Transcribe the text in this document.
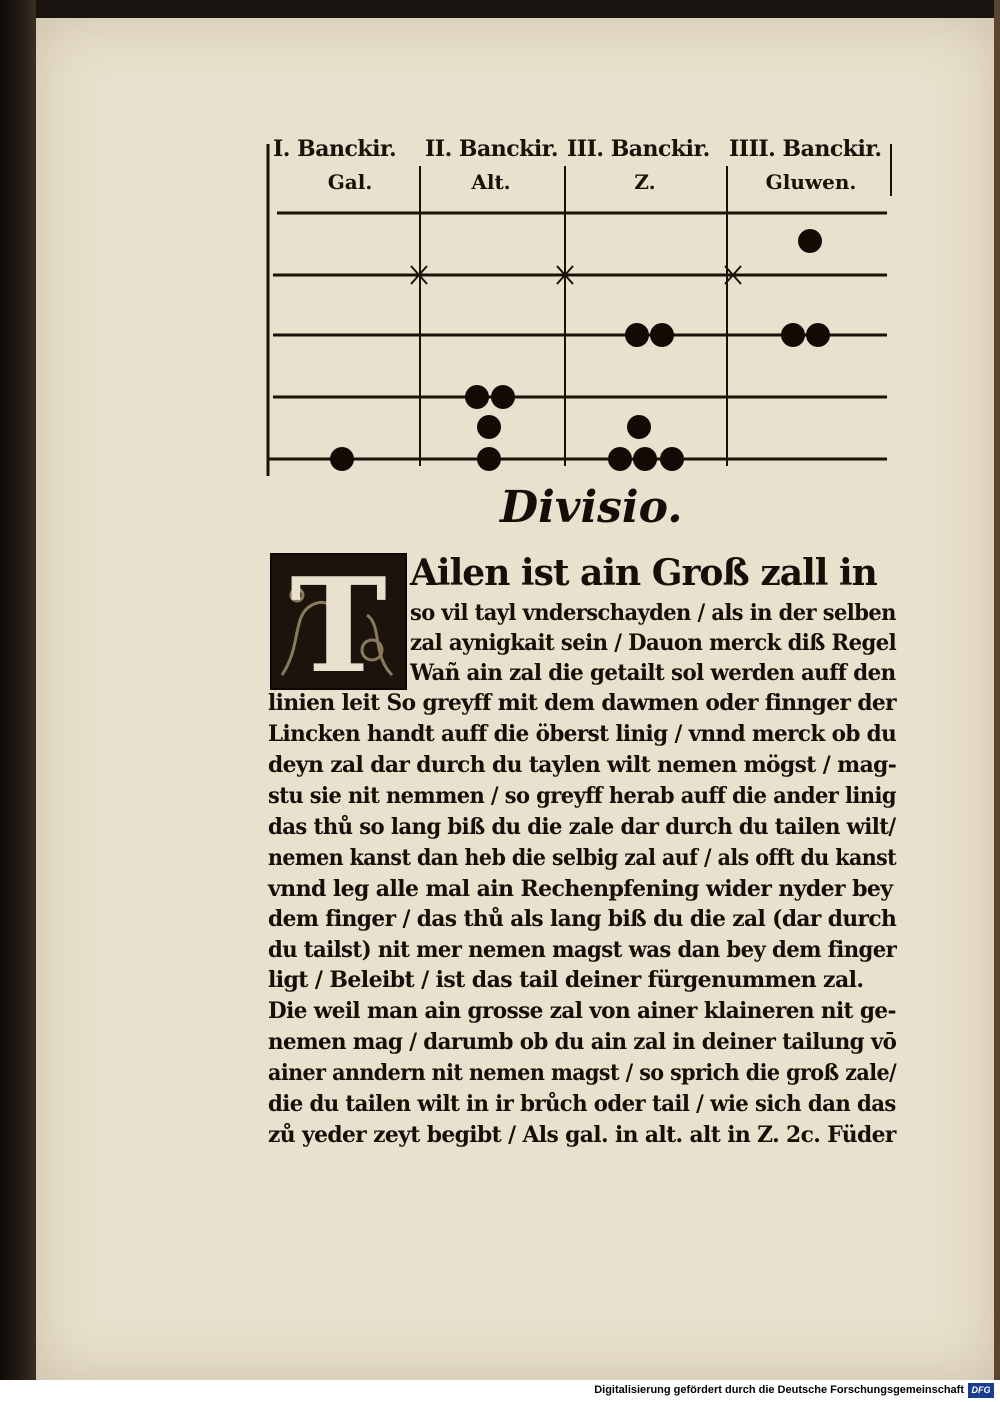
I. Banckir. II. Banckir. III. Banckir. IIII. Banckir.
Gal.	Alt.	Z.	Gluwen.
Divisio.
T Ailen ist ain Groß zall in
so vil tayl vnderschayden / als in der selben
zal aynigkait sein / Dauon merck diß Regel
Wañ ain zal die getailt sol werden auff den
linien leit So greyff mit dem dawmen oder finnger der
Lincken handt auff die öberst linig / vnnd merck ob du
deyn zal dar durch du taylen wilt nemen mögst / mag-
stu sie nit nemmen / so greyff herab auff die ander linig
das thů so lang biß du die zale dar durch du tailen wilt/
nemen kanst dan heb die selbig zal auf / als offt du kanst
vnnd leg alle mal ain Rechenpfening wider nyder bey
dem finger / das thů als lang biß du die zal (dar durch
du tailst) nit mer nemen magst was dan bey dem finger
ligt / Beleibt / ist das tail deiner fürgenummen zal.
Die weil man ain grosse zal von ainer klaineren nit ge-
nemen mag / darumb ob du ain zal in deiner tailung vō
ainer anndern nit nemen magst / so sprich die groß zale/
die du tailen wilt in ir brůch oder tail / wie sich dan das
zů yeder zeyt begibt / Als gal. in alt. alt in Z. 2c. Füder
Digitalisierung gefördert durch die Deutsche Forschungsgemeinschaft DFG
